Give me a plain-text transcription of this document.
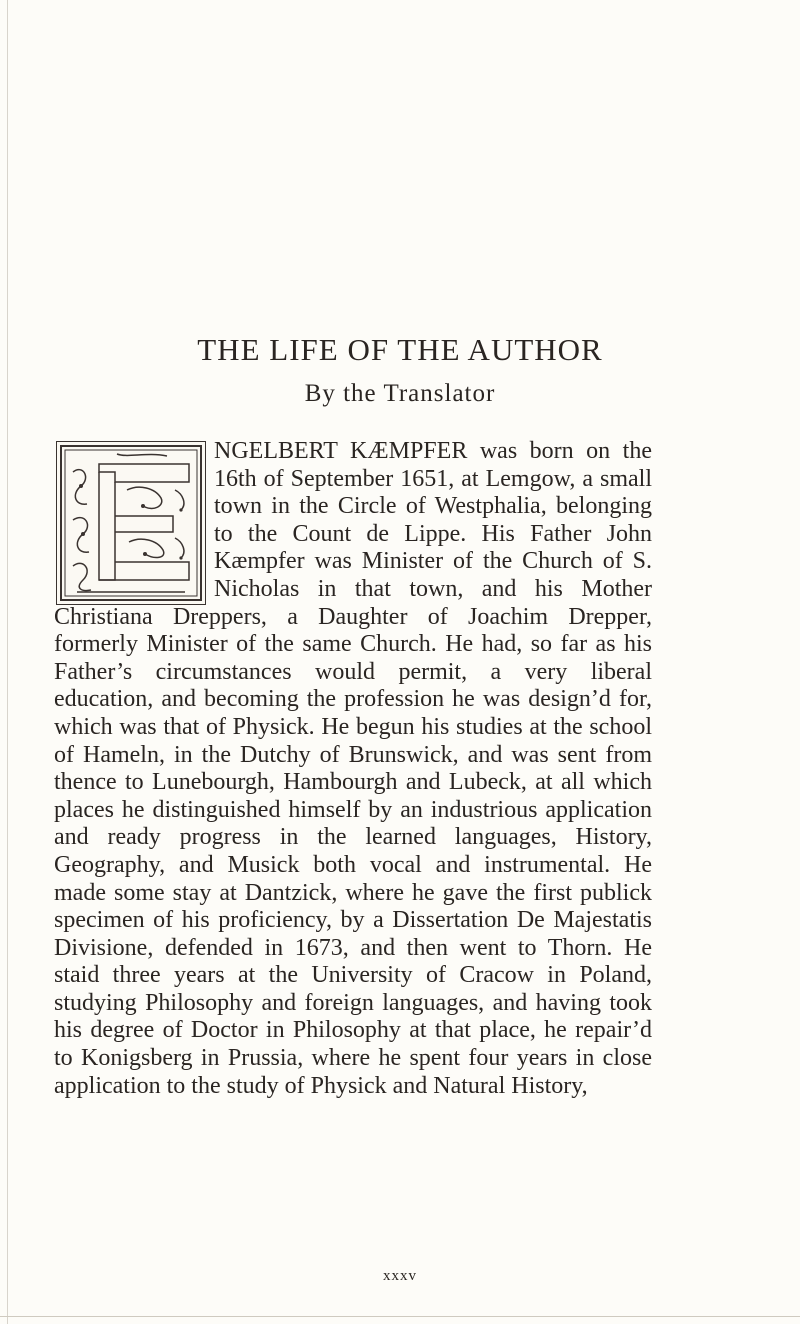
THE LIFE OF THE AUTHOR
By the Translator
NGELBERT KÆMPFER was born on the 16th of September 1651, at Lemgow, a small town in the Circle of Westphalia, belonging to the Count de Lippe. His Father John Kæmpfer was Minister of the Church of S. Nicholas in that town, and his Mother Christiana Dreppers, a Daughter of Joachim Drepper, formerly Minister of the same Church. He had, so far as his Father’s circumstances would permit, a very liberal education, and becoming the profession he was design’d for, which was that of Physick. He begun his studies at the school of Hameln, in the Dutchy of Brunswick, and was sent from thence to Lunebourgh, Hambourgh and Lubeck, at all which places he distinguished himself by an industrious application and ready progress in the learned languages, History, Geography, and Musick both vocal and instrumental. He made some stay at Dantzick, where he gave the first publick specimen of his proficiency, by a Dissertation De Majestatis Divisione, defended in 1673, and then went to Thorn. He staid three years at the University of Cracow in Poland, studying Philosophy and foreign languages, and having took his degree of Doctor in Philosophy at that place, he repair’d to Konigsberg in Prussia, where he spent four years in close application to the study of Physick and Natural History,
xxxv
